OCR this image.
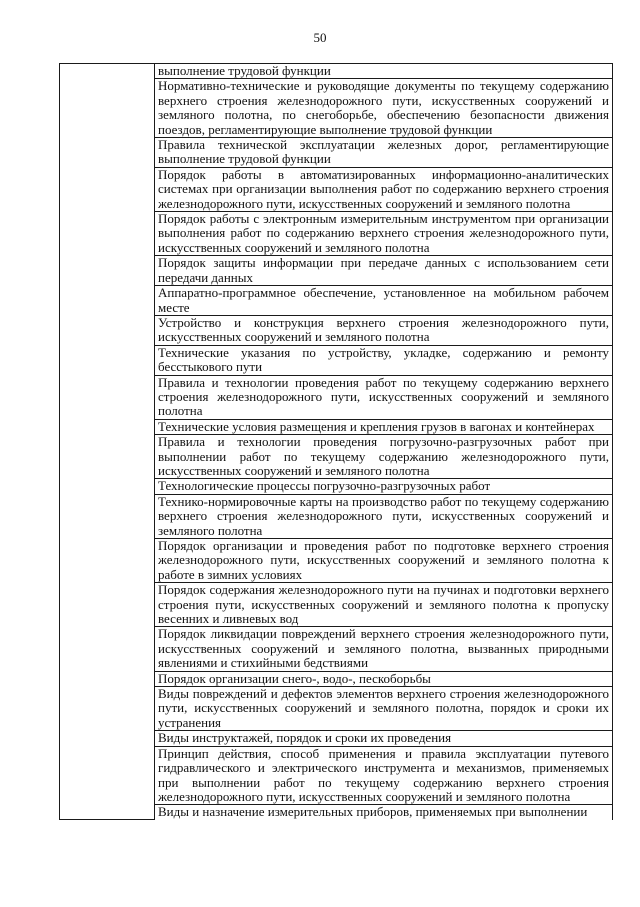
50
	выполнение трудовой функции
Нормативно-технические и руководящие документы по текущему содержанию верхнего строения железнодорожного пути, искусственных сооружений и земляного полотна, по снегоборьбе, обеспечению безопасности движения поездов, регламентирующие выполнение трудовой функции
Правила технической эксплуатации железных дорог, регламентирующие выполнение трудовой функции
Порядок работы в автоматизированных информационно-аналитических системах при организации выполнения работ по содержанию верхнего строения железнодорожного пути, искусственных сооружений и земляного полотна
Порядок работы с электронным измерительным инструментом при организации выполнения работ по содержанию верхнего строения железнодорожного пути, искусственных сооружений и земляного полотна
Порядок защиты информации при передаче данных с использованием сети передачи данных
Аппаратно-программное обеспечение, установленное на мобильном рабочем месте
Устройство и конструкция верхнего строения железнодорожного пути, искусственных сооружений и земляного полотна
Технические указания по устройству, укладке, содержанию и ремонту бесстыкового пути
Правила и технологии проведения работ по текущему содержанию верхнего строения железнодорожного пути, искусственных сооружений и земляного полотна
Технические условия размещения и крепления грузов в вагонах и контейнерах
Правила и технологии проведения погрузочно-разгрузочных работ при выполнении работ по текущему содержанию железнодорожного пути, искусственных сооружений и земляного полотна
Технологические процессы погрузочно-разгрузочных работ
Технико-нормировочные карты на производство работ по текущему содержанию верхнего строения железнодорожного пути, искусственных сооружений и земляного полотна
Порядок организации и проведения работ по подготовке верхнего строения железнодорожного пути, искусственных сооружений и земляного полотна к работе в зимних условиях
Порядок содержания железнодорожного пути на пучинах и подготовки верхнего строения пути, искусственных сооружений и земляного полотна к пропуску весенних и ливневых вод
Порядок ликвидации повреждений верхнего строения железнодорожного пути, искусственных сооружений и земляного полотна, вызванных природными явлениями и стихийными бедствиями
Порядок организации снего-, водо-, пескоборьбы
Виды повреждений и дефектов элементов верхнего строения железнодорожного пути, искусственных сооружений и земляного полотна, порядок и сроки их устранения
Виды инструктажей, порядок и сроки их проведения
Принцип действия, способ применения и правила эксплуатации путевого гидравлического и электрического инструмента и механизмов, применяемых при выполнении работ по текущему содержанию верхнего строения железнодорожного пути, искусственных сооружений и земляного полотна
Виды и назначение измерительных приборов, применяемых при выполнении
